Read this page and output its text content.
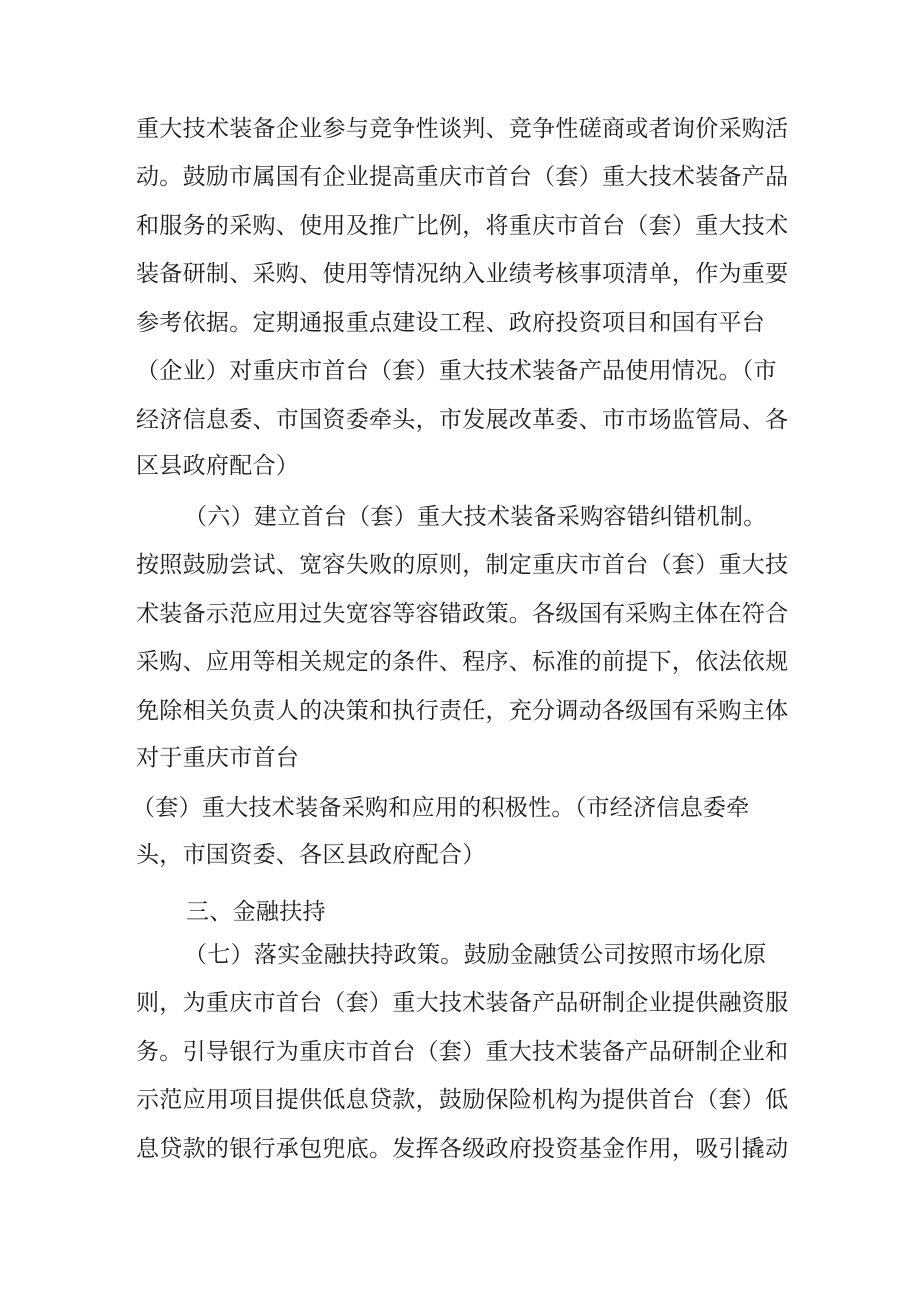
重大技术装备企业参与竞争性谈判、竞争性磋商或者询价采购活
动。鼓励市属国有企业提高重庆市首台（套）重大技术装备产品
和服务的采购、使用及推广比例，将重庆市首台（套）重大技术
装备研制、采购、使用等情况纳入业绩考核事项清单，作为重要
参考依据。定期通报重点建设工程、政府投资项目和国有平台
（企业）对重庆市首台（套）重大技术装备产品使用情况。（市
经济信息委、市国资委牵头，市发展改革委、市市场监管局、各
区县政府配合）
（六）建立首台（套）重大技术装备采购容错纠错机制。
按照鼓励尝试、宽容失败的原则，制定重庆市首台（套）重大技
术装备示范应用过失宽容等容错政策。各级国有采购主体在符合
采购、应用等相关规定的条件、程序、标准的前提下，依法依规
免除相关负责人的决策和执行责任，充分调动各级国有采购主体
对于重庆市首台
（套）重大技术装备采购和应用的积极性。（市经济信息委牵
头，市国资委、各区县政府配合）
三、金融扶持
（七）落实金融扶持政策。鼓励金融赁公司按照市场化原
则，为重庆市首台（套）重大技术装备产品研制企业提供融资服
务。引导银行为重庆市首台（套）重大技术装备产品研制企业和
示范应用项目提供低息贷款，鼓励保险机构为提供首台（套）低
息贷款的银行承包兜底。发挥各级政府投资基金作用，吸引撬动
